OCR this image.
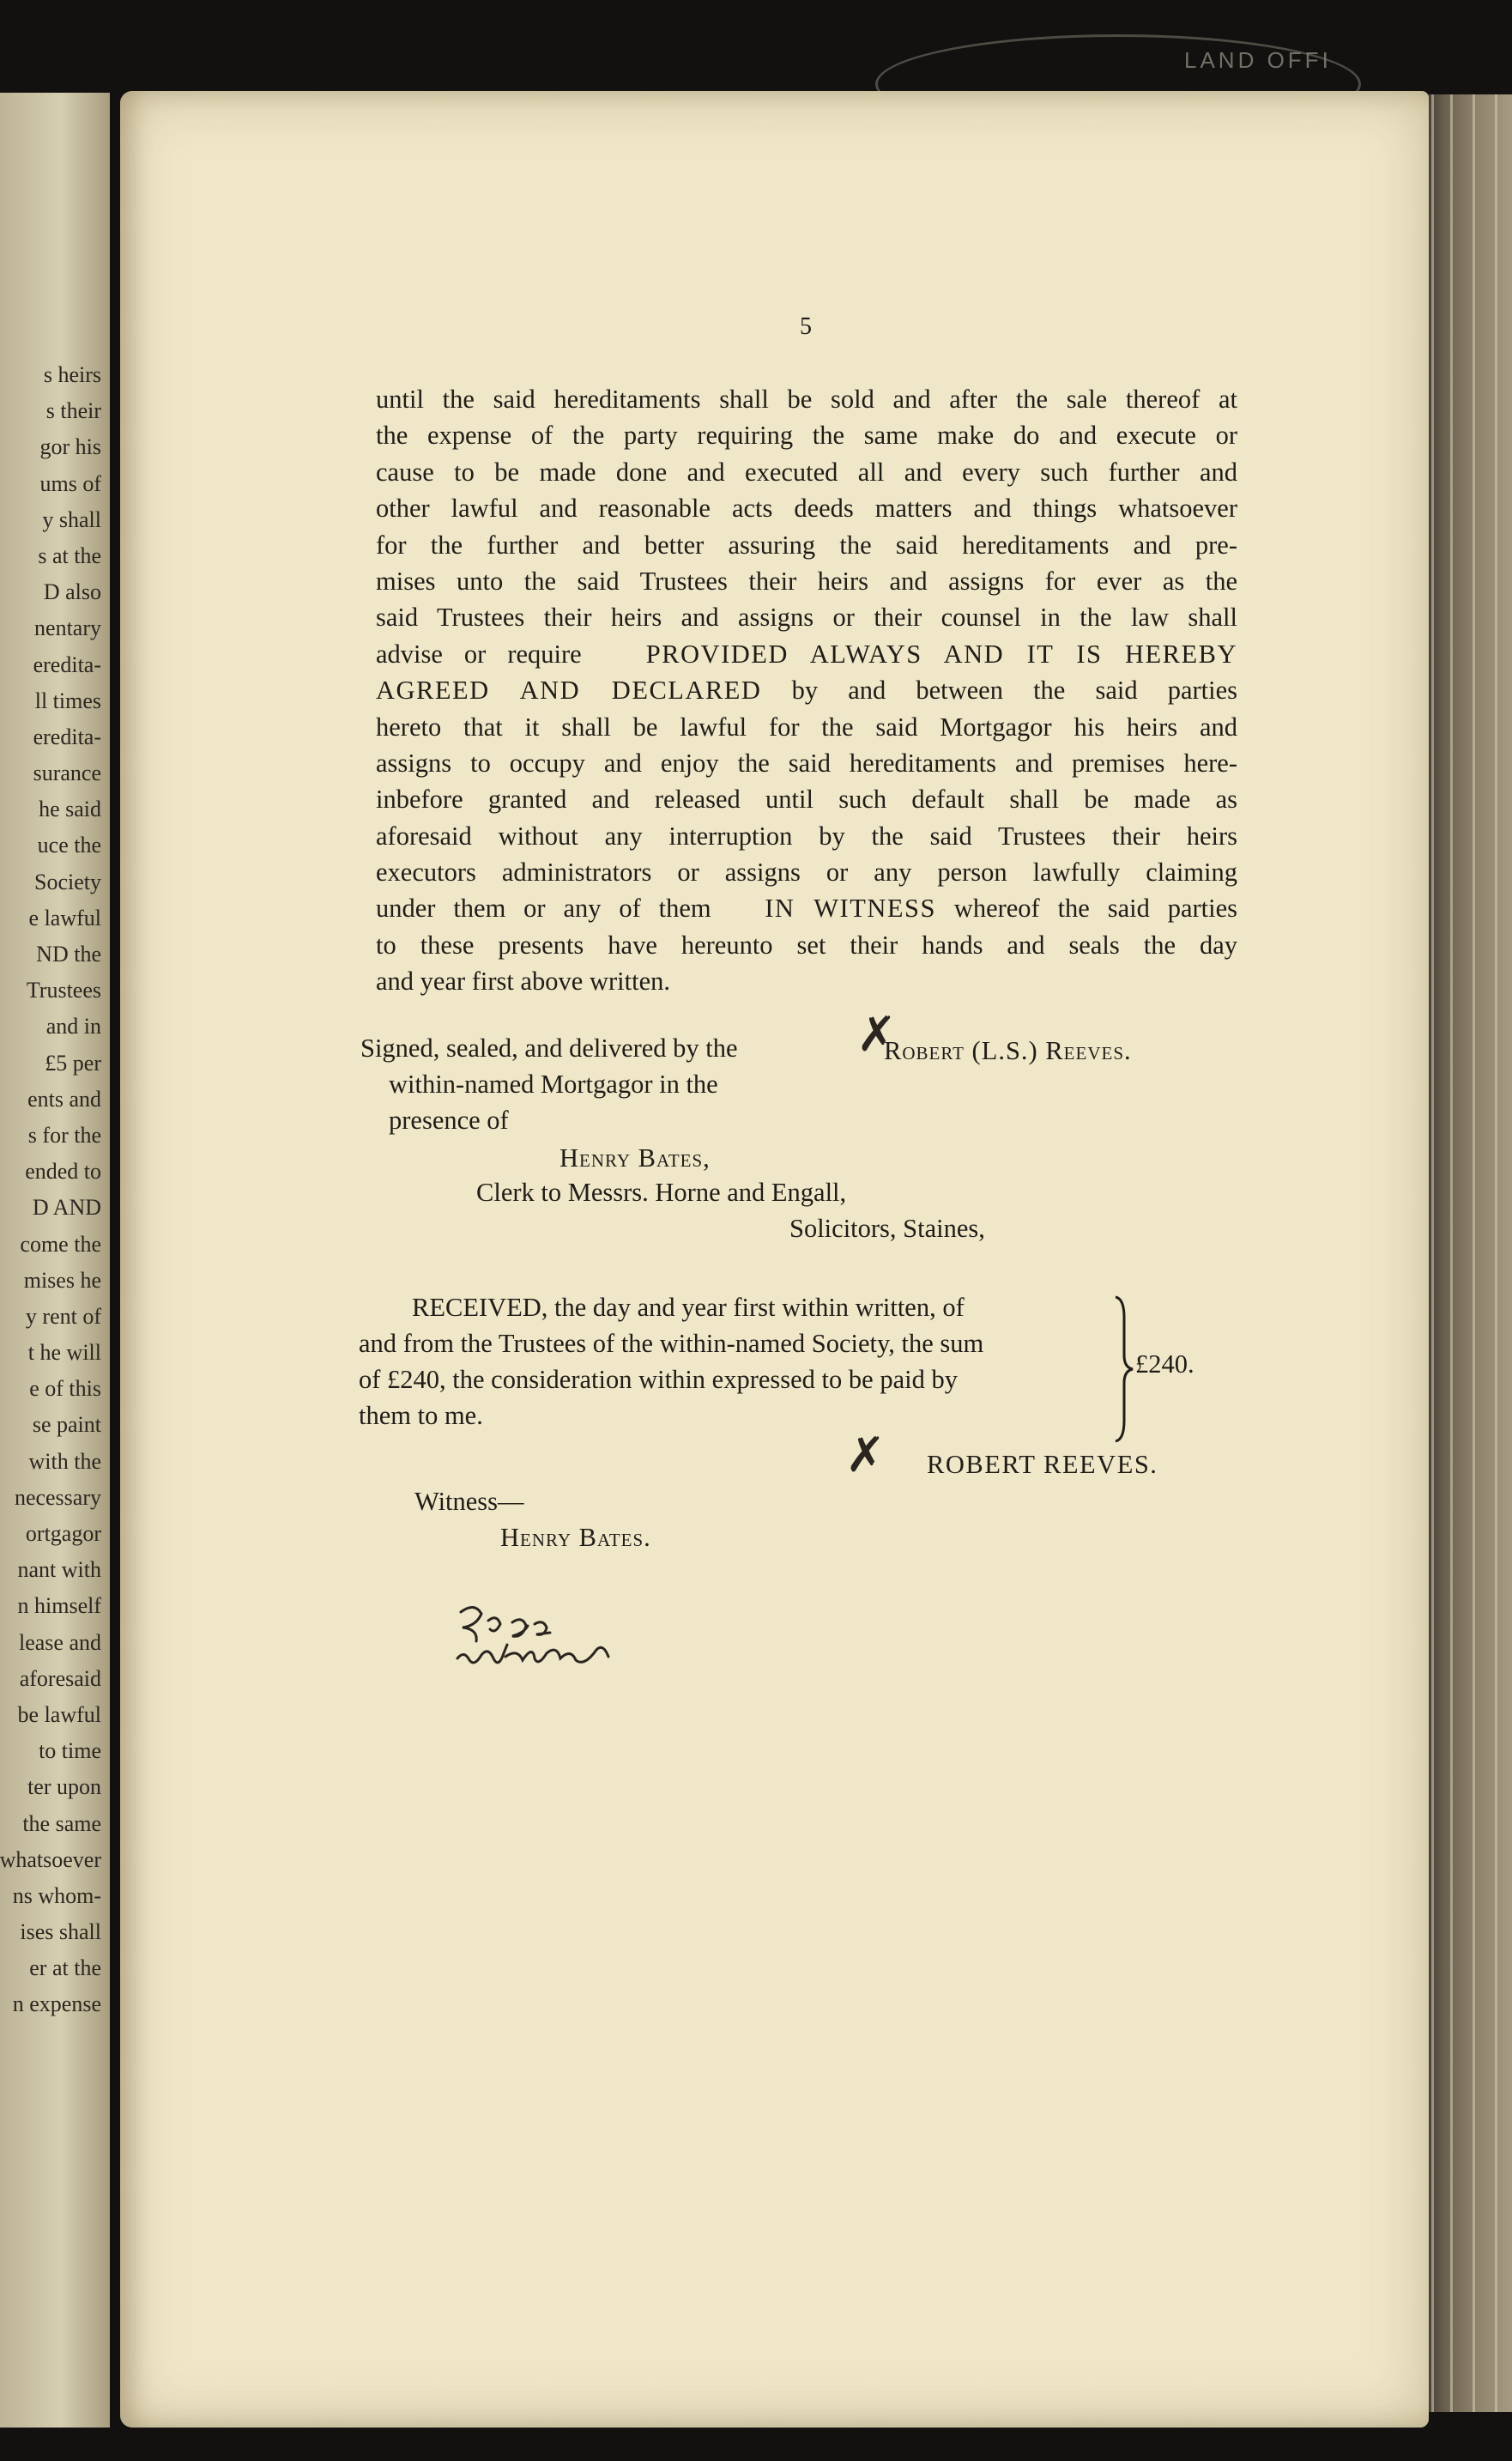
s heirs
s their
gor his
ums of
y shall
s at the
D also
nentary
eredita-
ll times
eredita-
surance
he said
uce the
Society
e lawful
ND the
Trustees
and in
£5 per
ents and
s for the
ended to
D AND
come the
mises he
y rent of
t he will
e of this
se paint
with the
necessary
ortgagor
nant with
n himself
lease and
aforesaid
be lawful
to time
ter upon
the same
whatsoever
ns whom-
ises shall
er at the
n expense
LAND OFFI
5
until the said hereditaments shall be sold and after the sale thereof at
the expense of the party requiring the same make do and execute or
cause to be made done and executed all and every such further and
other lawful and reasonable acts deeds matters and things whatsoever
for the further and better assuring the said hereditaments and pre-
mises unto the said Trustees their heirs and assigns for ever as the
said Trustees their heirs and assigns or their counsel in the law shall
advise or require PROVIDED ALWAYS AND IT IS HEREBY
AGREED AND DECLARED by and between the said parties
hereto that it shall be lawful for the said Mortgagor his heirs and
assigns to occupy and enjoy the said hereditaments and premises here-
inbefore granted and released until such default shall be made as
aforesaid without any interruption by the said Trustees their heirs
executors administrators or assigns or any person lawfully claiming
under them or any of them IN WITNESS whereof the said parties
to these presents have hereunto set their hands and seals the day
and year first above written.
Signed, sealed, and delivered by the
within-named Mortgagor in the
presence of
✗
Robert (L.S.) Reeves.
Henry Bates,
Clerk to Messrs. Horne and Engall,
Solicitors, Staines,
RECEIVED, the day and year first within written, of
and from the Trustees of the within-named Society, the sum
of £240, the consideration within expressed to be paid by
them to me.
£240.
✗ ROBERT REEVES.
Witness—
Henry Bates.
